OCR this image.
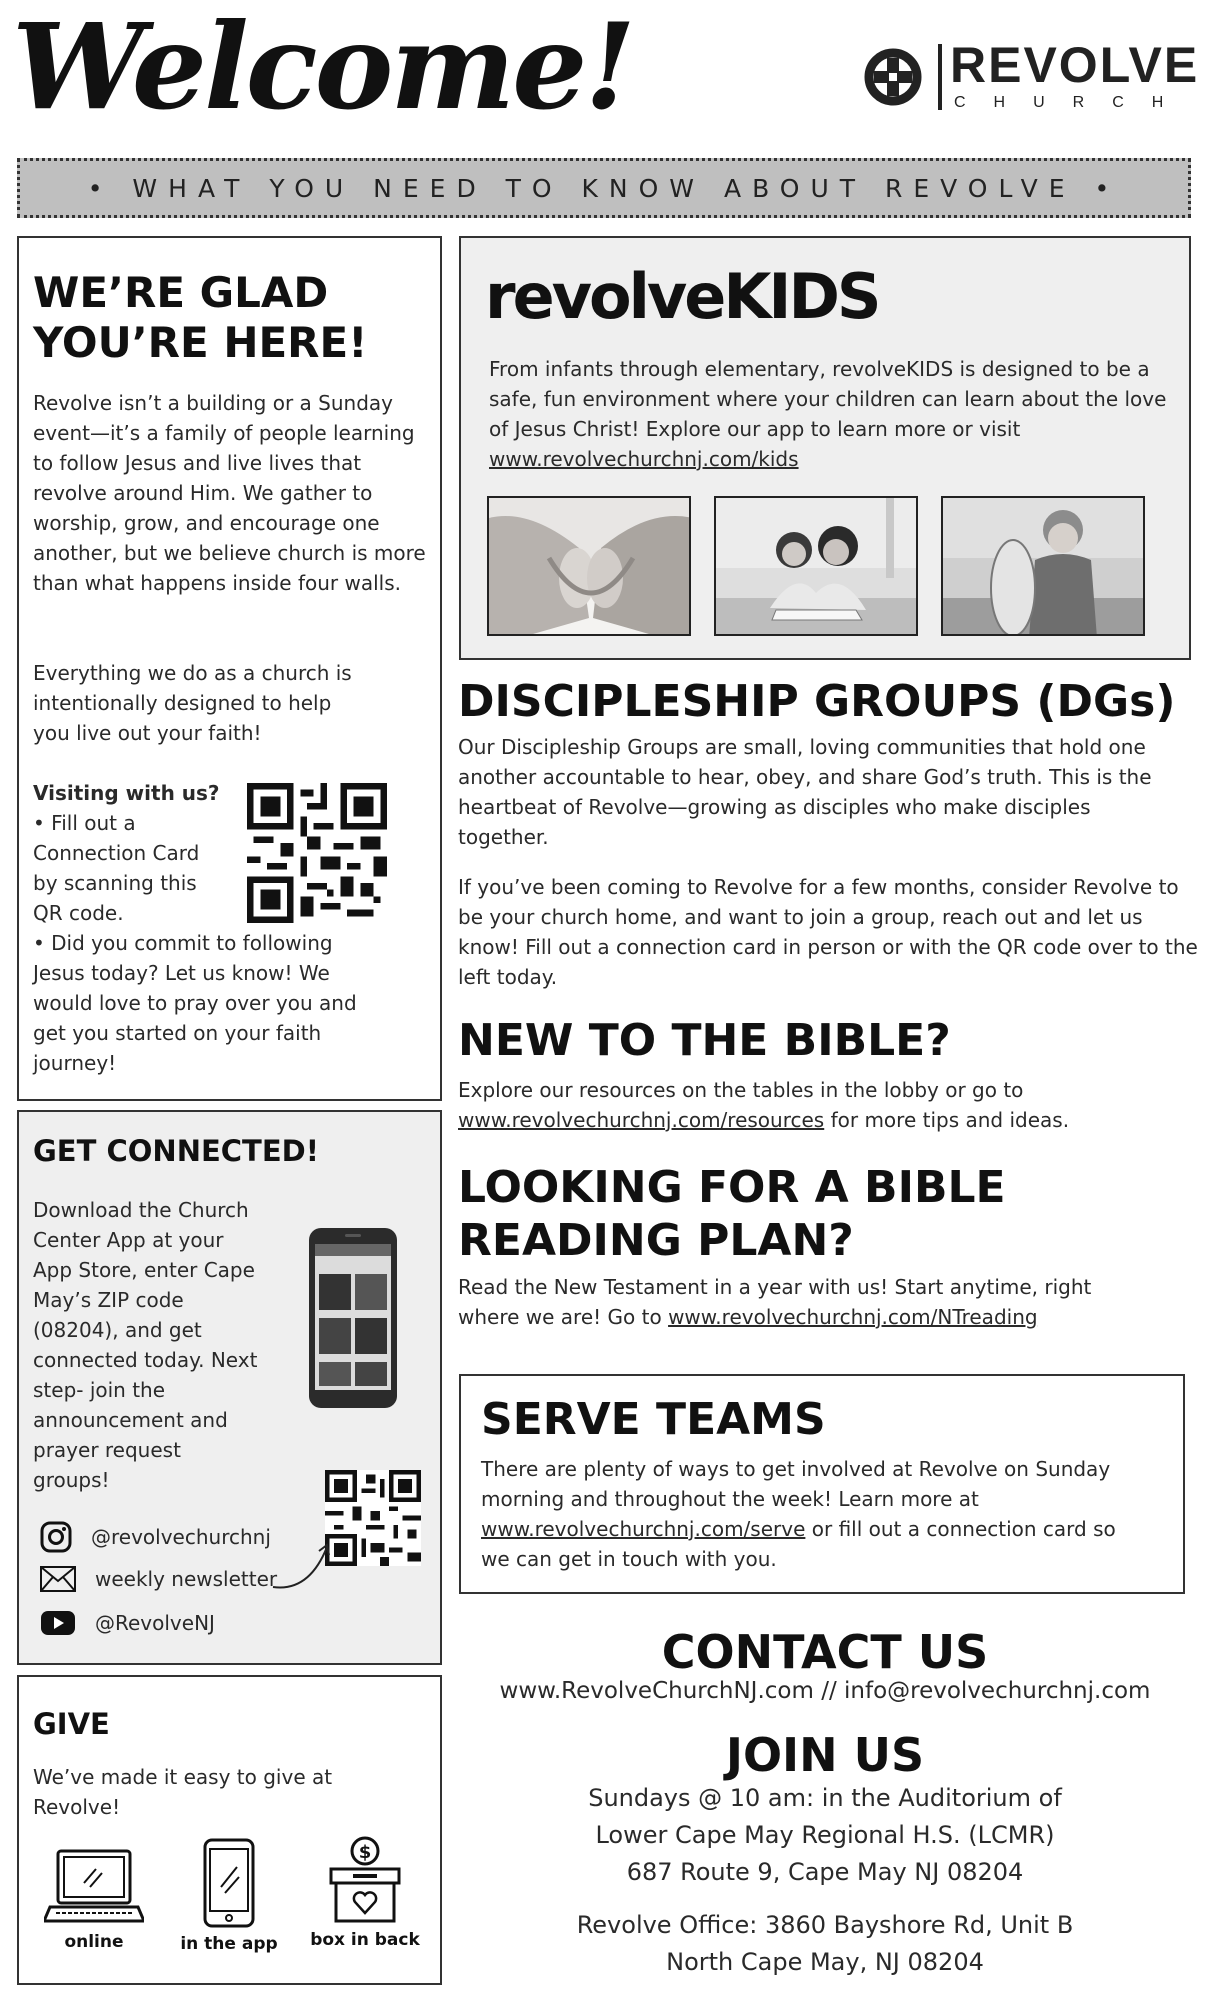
Welcome!	REVOLVE
CHURCH
• WHAT YOU NEED TO KNOW ABOUT REVOLVE •
WE’RE GLAD YOU’RE HERE!
Revolve isn’t a building or a Sunday event—it’s a family of people learning to follow Jesus and live lives that revolve around Him. We gather to worship, grow, and encourage one another, but we believe church is more than what happens inside four walls.
Everything we do as a church is intentionally designed to help you live out your faith!
Visiting with us?
• Fill out a Connection Card by scanning this QR code.
• Did you commit to following Jesus today? Let us know! We would love to pray over you and get you started on your faith journey!
GET CONNECTED!
Download the Church Center App at your App Store, enter Cape May’s ZIP code (08204), and get connected today. Next step- join the announcement and prayer request groups!
@revolvechurchnj
weekly newsletter
@RevolveNJ
GIVE
We’ve made it easy to give at Revolve!
online	in the app
$
box in back
revolveKIDS
From infants through elementary, revolveKIDS is designed to be a safe, fun environment where your children can learn about the love of Jesus Christ! Explore our app to learn more or visit www.revolvechurchnj.com/kids
DISCIPLESHIP GROUPS (DGs)
Our Discipleship Groups are small, loving communities that hold one another accountable to hear, obey, and share God’s truth. This is the heartbeat of Revolve—growing as disciples who make disciples together.
If you’ve been coming to Revolve for a few months, consider Revolve to be your church home, and want to join a group, reach out and let us know! Fill out a connection card in person or with the QR code over to the left today.
NEW TO THE BIBLE?
Explore our resources on the tables in the lobby or go to
www.revolvechurchnj.com/resources for more tips and ideas.
LOOKING FOR A BIBLE READING PLAN?
Read the New Testament in a year with us! Start anytime, right where we are! Go to www.revolvechurchnj.com/NTreading
SERVE TEAMS
There are plenty of ways to get involved at Revolve on Sunday morning and throughout the week! Learn more at www.revolvechurchnj.com/serve or fill out a connection card so we can get in touch with you.
CONTACT US
www.RevolveChurchNJ.com // info@revolvechurchnj.com
JOIN US
Sundays @ 10 am: in the Auditorium of
Lower Cape May Regional H.S. (LCMR)
687 Route 9, Cape May NJ 08204
Revolve Office: 3860 Bayshore Rd, Unit B
North Cape May, NJ 08204
